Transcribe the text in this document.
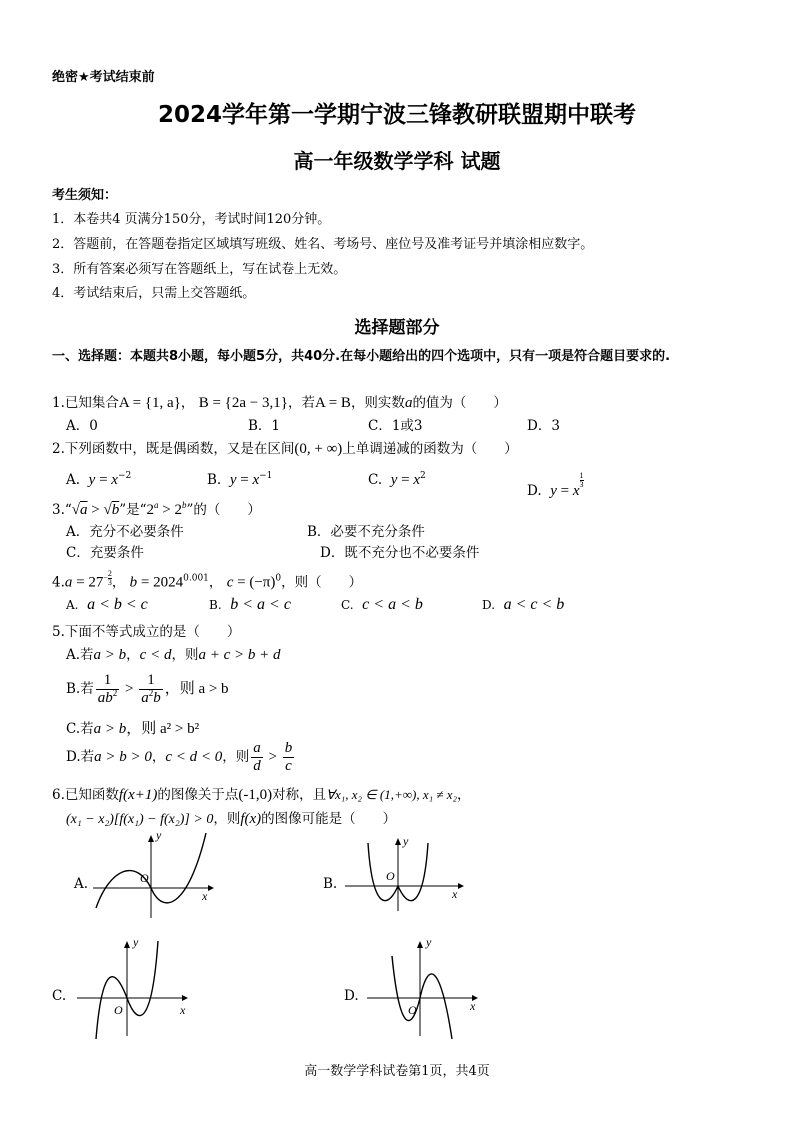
绝密★考试结束前
2024学年第一学期宁波三锋教研联盟期中联考
高一年级数学学科 试题
考生须知：
1．本卷共4 页满分150分，考试时间120分钟。
2．答题前，在答题卷指定区域填写班级、姓名、考场号、座位号及准考证号并填涂相应数字。
3．所有答案必须写在答题纸上，写在试卷上无效。
4．考试结束后，只需上交答题纸。
选择题部分
一、选择题：本题共8小题，每小题5分，共40分.在每小题给出的四个选项中，只有一项是符合题目要求的.
1.已知集合A = {1, a}， B = {2a − 3,1}，若A = B，则实数a的值为（　　）
A．0	B．1	C．1或3	D．3
2.下列函数中，既是偶函数，又是在区间(0, + ∞)上单调递减的函数为（　　）
A. $y = x^{-2}$	B. $y = x^{-1}$	C. $y = x^2$
D. y = x
$\frac{1}{3}$
3.“√a > √b”是“$2^a > 2^b$”的（　　）
A．充分不必要条件	B．必要不充分条件
C．充要条件	D．既不充分也不必要条件
$4.a = 27- \frac{2}{3}$ ， $b = 2024^{0.001}$， $c = (-\pi)^0$，则（　　）
A. a < b < c	B. b < a < c	C. c < a < b	D. a < c < b
5.下面不等式成立的是（　　）
A.若a > b，c < d，则a + c > b + d
B.若 $\frac{1}{ab^2} > \frac{1}{a^2b}$ ，则 a > b
C.若a > b，则 a² > b²
D.若a > b > 0，c < d < 0，则 $\frac{a}{d} > \frac{b}{c}$
6.已知函数f(x+1)的图像关于点(-1,0)对称，且∀x₁, x₂ ∈ (1,+∞), x₁ ≠ x₂，
(x₁ − x₂)[f(x₁) − f(x₂)] > 0，则f(x)的图像可能是（　　）
A.
y
x
O	B.
y
x
O
C.
y
x
O
D.
y
x
O
高一数学学科试卷第1页，共4页
